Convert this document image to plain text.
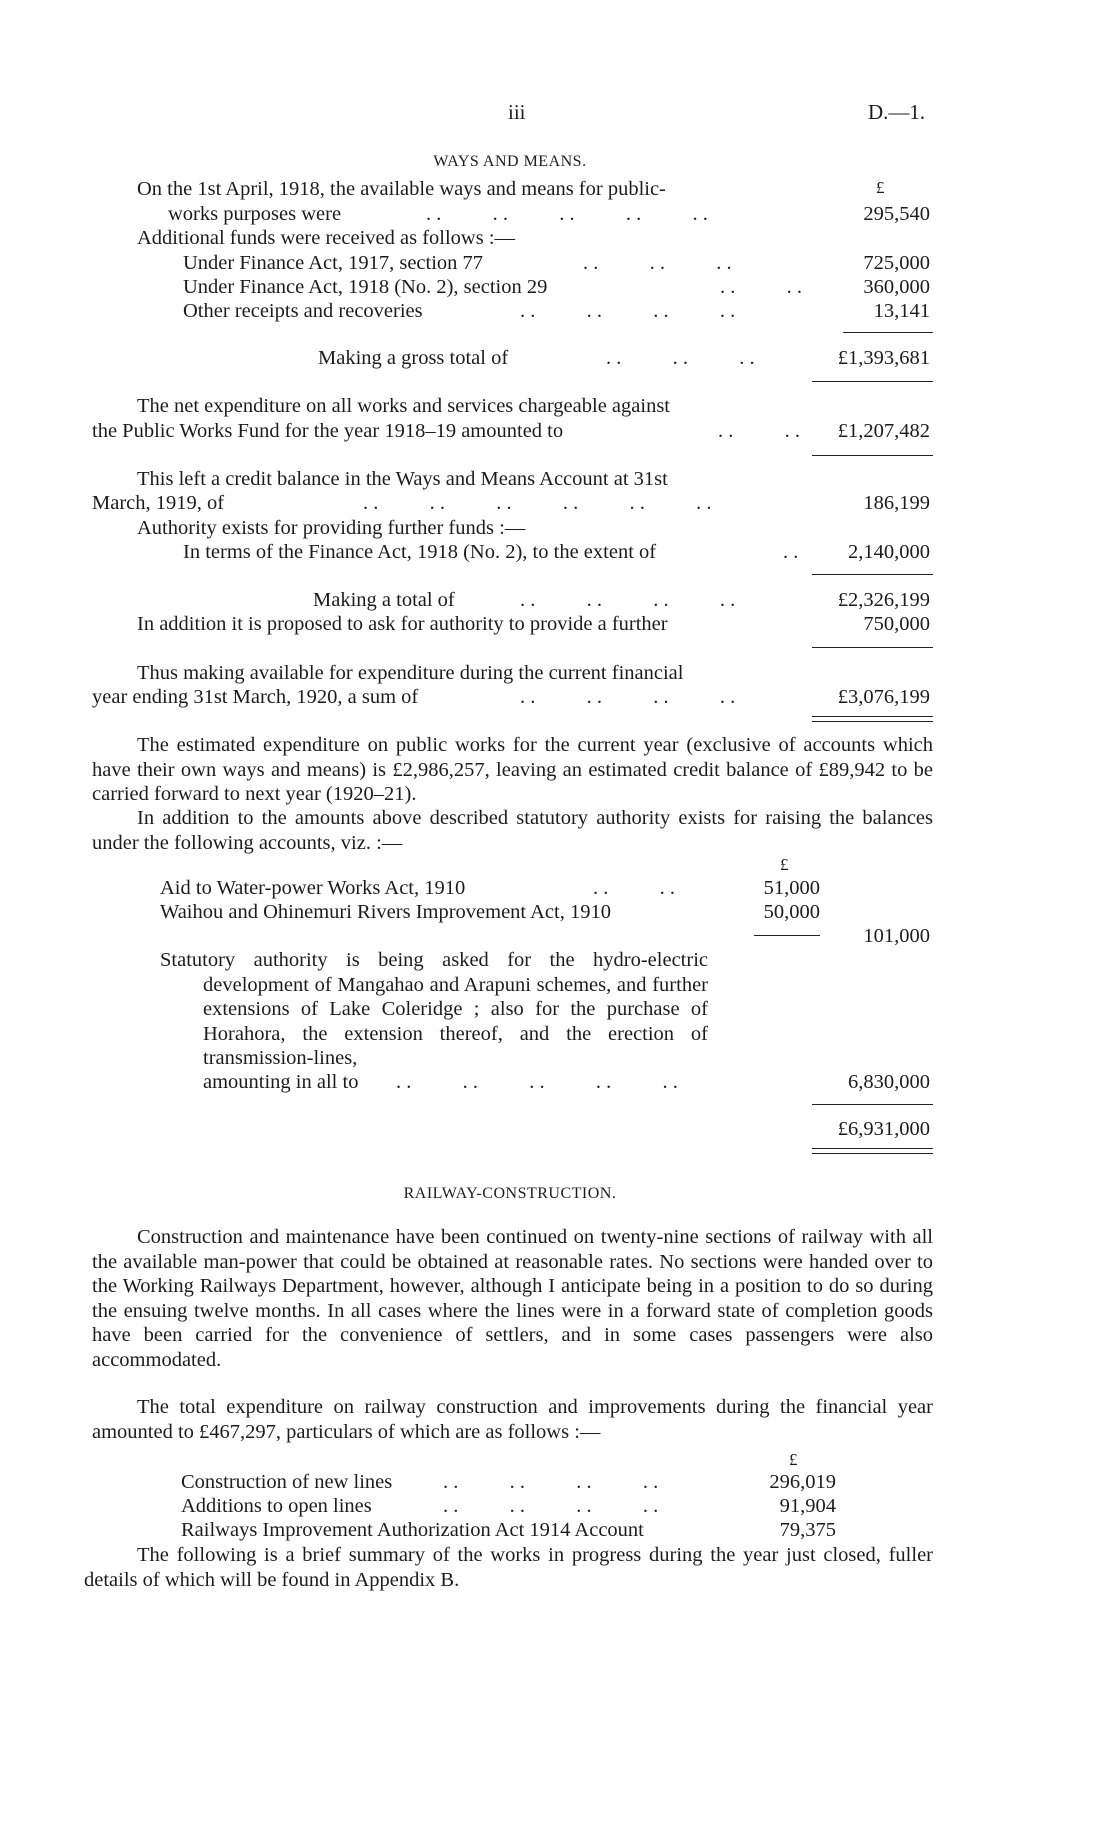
iii	D.—1.
WAYS AND MEANS.
£
On the 1st April, 1918, the available ways and means for public-
works purposes were	. .          . .          . .          . .          . .	295,540
Additional funds were received as follows :—
Under Finance Act, 1917, section 77	. .          . .          . .	725,000
Under Finance Act, 1918 (No. 2), section 29	. .          . .	360,000
Other receipts and recoveries	. .          . .          . .          . .	13,141
Making a gross total of	. .          . .          . .	£1,393,681
The net expenditure on all works and services chargeable against
the Public Works Fund for the year 1918–19 amounted to	. .          . .	£1,207,482
This left a credit balance in the Ways and Means Account at 31st
March, 1919, of	. .          . .          . .          . .          . .          . .	186,199
Authority exists for providing further funds :—
In terms of the Finance Act, 1918 (No. 2), to the extent of	. .	2,140,000
Making a total of	. .          . .          . .          . .	£2,326,199
In addition it is proposed to ask for authority to provide a further	750,000
Thus making available for expenditure during the current financial
year ending 31st March, 1920, a sum of	. .          . .          . .          . .	£3,076,199
The estimated expenditure on public works for the current year (exclusive of accounts which have their own ways and means) is £2,986,257, leaving an estimated credit balance of £89,942 to be carried forward to next year (1920–21).
In addition to the amounts above described statutory authority exists for raising the balances under the following accounts, viz. :—
£
Aid to Water-power Works Act, 1910	. .          . .	51,000
Waihou and Ohinemuri Rivers Improvement Act, 1910	50,000
101,000
Statutory authority is being asked for the hydro-electric development of Mangahao and Arapuni schemes, and further extensions of Lake Coleridge ; also for the purchase of Horahora, the extension thereof, and the erection of transmission-lines,
amounting in all to . .          . .          . .          . .          . .	6,830,000
£6,931,000
RAILWAY-CONSTRUCTION.
Construction and maintenance have been continued on twenty-nine sections of railway with all the available man-power that could be obtained at reasonable rates. No sections were handed over to the Working Railways Department, however, although I anticipate being in a position to do so during the ensuing twelve months. In all cases where the lines were in a forward state of completion goods have been carried for the convenience of settlers, and in some cases passengers were also accommodated.
The total expenditure on railway construction and improvements during the financial year amounted to £467,297, particulars of which are as follows :—
£
Construction of new lines . .          . .          . .          . .	296,019
Additions to open lines	. .          . .          . .          . .	91,904
Railways Improvement Authorization Act 1914 Account	79,375
The following is a brief summary of the works in progress during the year just closed, fuller details of which will be found in Appendix B.
